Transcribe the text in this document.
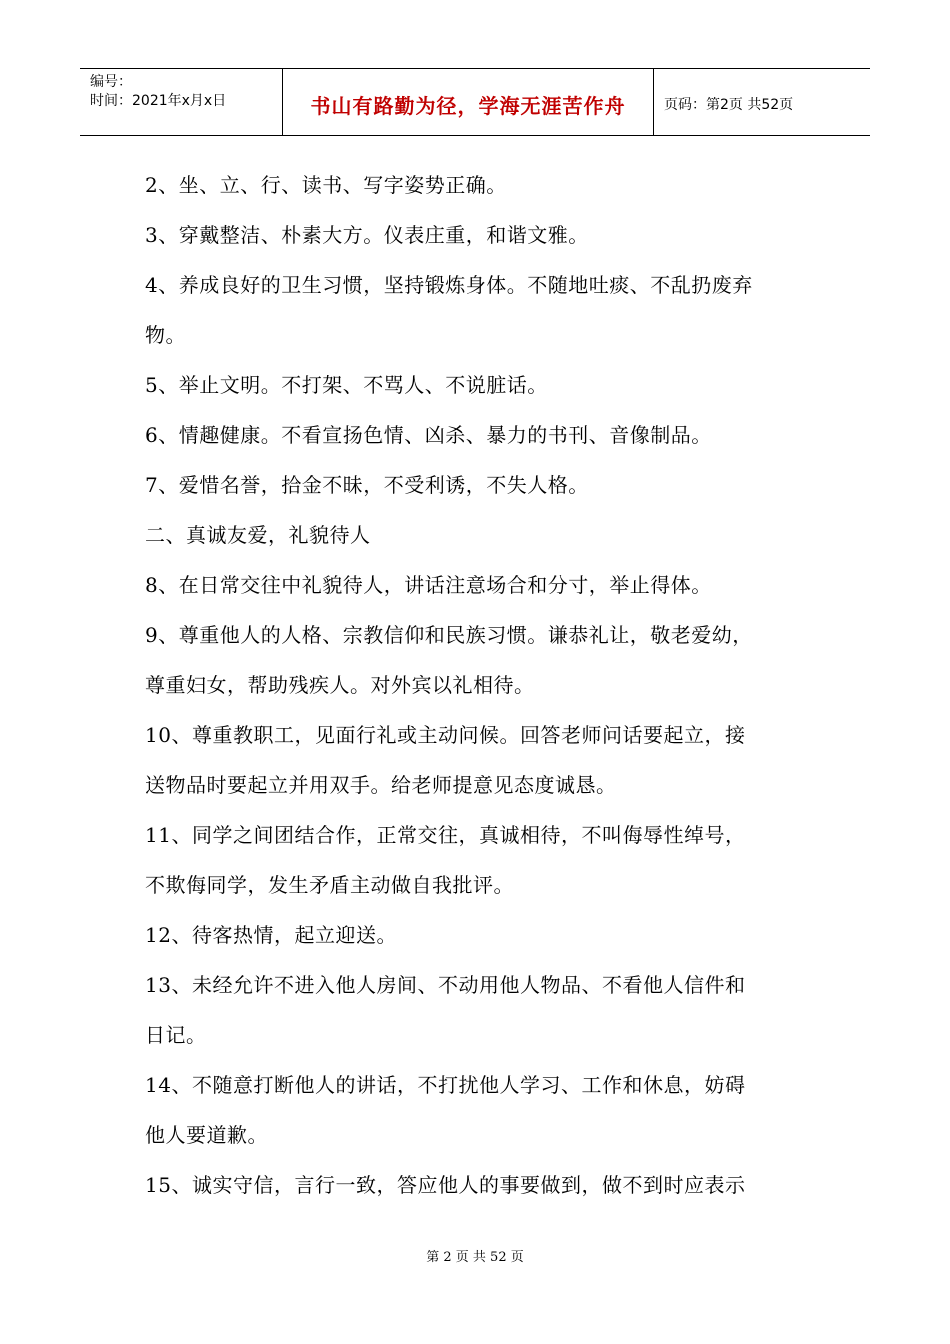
编号：
时间：2021年x月x日	书山有路勤为径，学海无涯苦作舟	页码：第2页 共52页
2、坐、立、行、读书、写字姿势正确。
3、穿戴整洁、朴素大方。仪表庄重，和谐文雅。
4、养成良好的卫生习惯，坚持锻炼身体。不随地吐痰、不乱扔废弃
物。
5、举止文明。不打架、不骂人、不说脏话。
6、情趣健康。不看宣扬色情、凶杀、暴力的书刊、音像制品。
7、爱惜名誉，拾金不昧，不受利诱，不失人格。
二、真诚友爱，礼貌待人
8、在日常交往中礼貌待人，讲话注意场合和分寸，举止得体。
9、尊重他人的人格、宗教信仰和民族习惯。谦恭礼让，敬老爱幼，
尊重妇女，帮助残疾人。对外宾以礼相待。
10、尊重教职工，见面行礼或主动问候。回答老师问话要起立，接
送物品时要起立并用双手。给老师提意见态度诚恳。
11、同学之间团结合作，正常交往，真诚相待，不叫侮辱性绰号，
不欺侮同学，发生矛盾主动做自我批评。
12、待客热情，起立迎送。
13、未经允许不进入他人房间、不动用他人物品、不看他人信件和
日记。
14、不随意打断他人的讲话，不打扰他人学习、工作和休息，妨碍
他人要道歉。
15、诚实守信，言行一致，答应他人的事要做到，做不到时应表示
第 2 页 共 52 页
